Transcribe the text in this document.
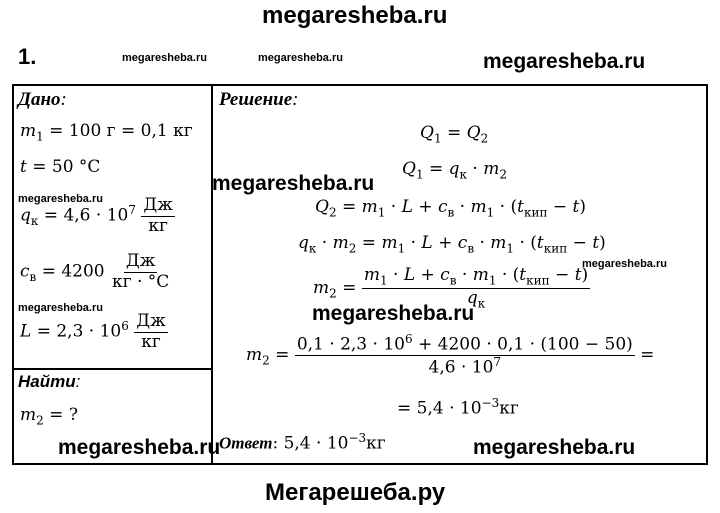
megaresheba.ru
1.	megaresheba.ru	megaresheba.ru	megaresheba.ru
Дано:
$m_1 = 100$ г = 0,1 кг
t = 50 °С
megaresheba.ru
$q_к = 4,6 \cdot 10^7 \frac{Дж}{кг}$
$c_в = 4200 \frac{Дж}{кг \cdot ^\circ С}$
megaresheba.ru
$L = 2,3 \cdot 10^6 \frac{Дж}{кг}$
Найти:
$m_2$ = ?
Решение:
$Q_1 = Q_2$
$Q_1 = q_к \cdot m_2$
megaresheba.ru
$Q_2 = m_1 \cdot L + c_в \cdot m_1 \cdot (t_{кип} - t)$
$q_к \cdot m_2 = m_1 \cdot L + c_в \cdot m_1 \cdot (t_{кип} - t)$
megaresheba.ru
$m_2 = \frac{m_1 \cdot L + c_в \cdot m_1 \cdot (t_{кип} - t)}{q_к}$
megaresheba.ru
$m_2 = \frac{0,1 \cdot 2,3 \cdot 10^6 + 4200 \cdot 0,1 \cdot (100 - 50)}{4,6 \cdot 10^7}$ =
= $5,4 \cdot 10^{-3}кг$
Ответ: $5,4 \cdot 10^{-3}кг$
megaresheba.ru	megaresheba.ru
Мегарешеба.ру
